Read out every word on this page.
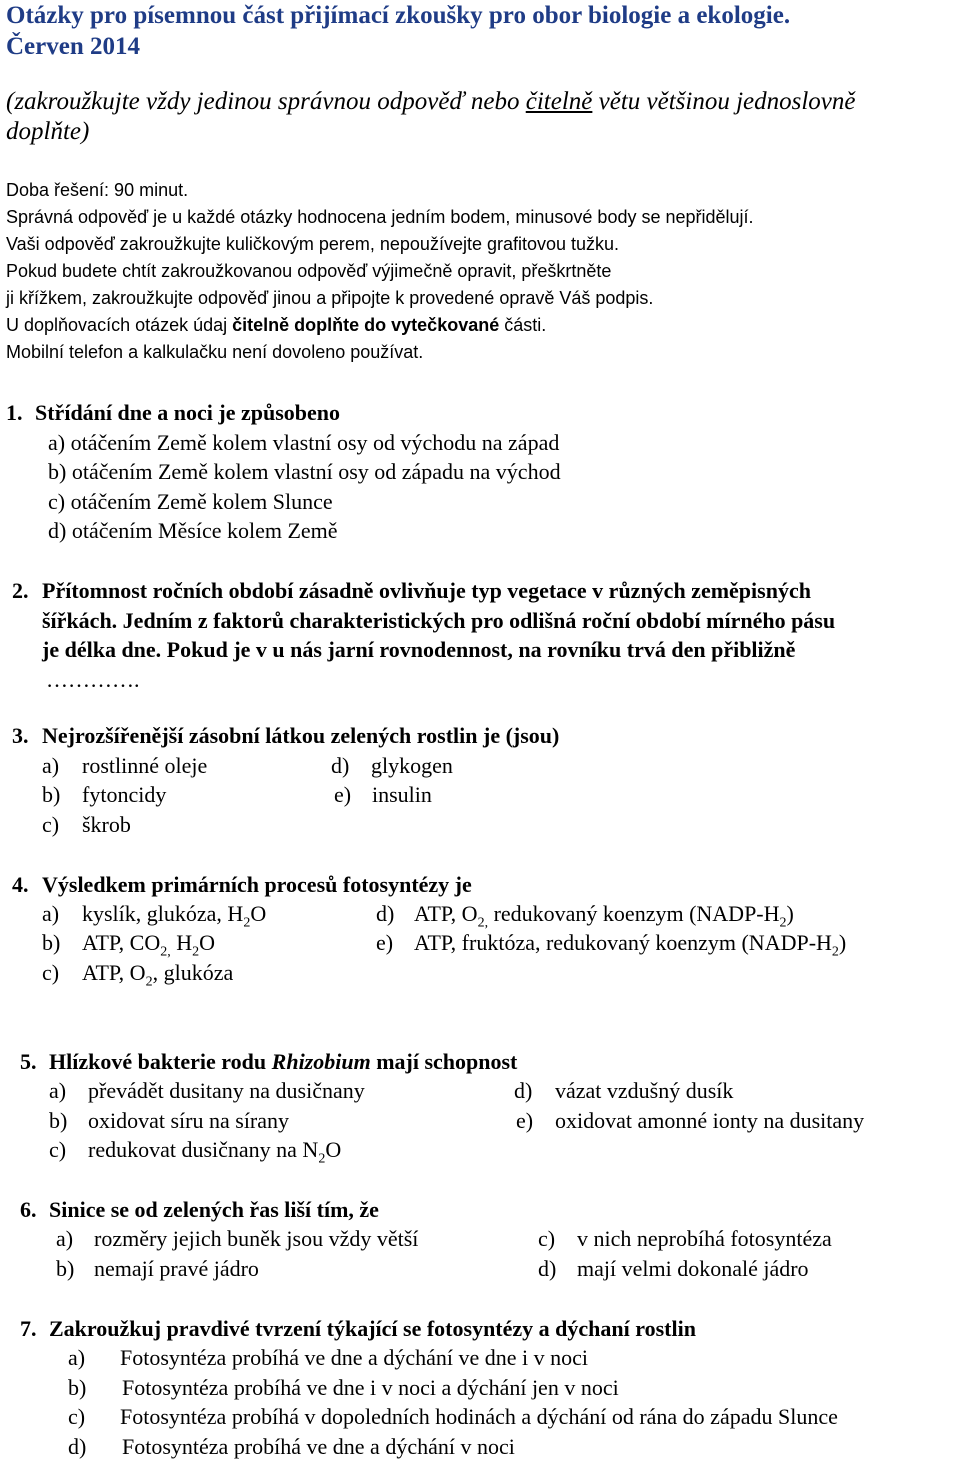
Otázky pro písemnou část přijímací zkoušky pro obor biologie a ekologie.
Červen 2014
(zakroužkujte vždy jedinou správnou odpověď nebo čitelně větu většinou jednoslovně
doplňte)
Doba řešení: 90 minut.
Správná odpověď je u každé otázky hodnocena jedním bodem, minusové body se nepřidělují.
Vaši odpověď zakroužkujte kuličkovým perem, nepoužívejte grafitovou tužku.
Pokud budete chtít zakroužkovanou odpověď výjimečně opravit, přeškrtněte
ji křížkem, zakroužkujte odpověď jinou a připojte k provedené opravě Váš podpis.
U doplňovacích otázek údaj čitelně doplňte do vytečkované části.
Mobilní telefon a kalkulačku není dovoleno používat.
1. Střídání dne a noci je způsobeno
a) otáčením Země kolem vlastní osy od východu na západ
b) otáčením Země kolem vlastní osy od západu na východ
c) otáčením Země kolem Slunce
d) otáčením Měsíce kolem Země
2. Přítomnost ročních období zásadně ovlivňuje typ vegetace v různých zeměpisných
šířkách. Jedním z faktorů charakteristických pro odlišná roční období mírného pásu
je délka dne. Pokud je v u nás jarní rovnodennost, na rovníku trvá den přibližně
………….
3. Nejrozšířenější zásobní látkou zelených rostlin je (jsou)
a) rostlinné oleje
b) fytoncidy
c) škrob
d) glykogen
e) insulin
4. Výsledkem primárních procesů fotosyntézy je
a) kyslík, glukóza, $H_2O$
b) ATP, $CO_{2,}$ $H_2O$
c) ATP, $O_2$, glukóza
d) ATP, $O_{2,}$ redukovaný koenzym $(NADP-H_2)$
e) ATP, fruktóza, redukovaný koenzym $(NADP-H_2)$
5. Hlízkové bakterie rodu Rhizobium mají schopnost
a) převádět dusitany na dusičnany
b) oxidovat síru na sírany
c) redukovat dusičnany na $N_2O$
d) vázat vzdušný dusík
e) oxidovat amonné ionty na dusitany
6. Sinice se od zelených řas liší tím, že
a) rozměry jejich buněk jsou vždy větší
b) nemají pravé jádro
c) v nich neprobíhá fotosyntéza
d) mají velmi dokonalé jádro
7. Zakroužkuj pravdivé tvrzení týkající se fotosyntézy a dýchaní rostlin
a) Fotosyntéza probíhá ve dne a dýchání ve dne i v noci
b) Fotosyntéza probíhá ve dne i v noci a dýchání jen v noci
c) Fotosyntéza probíhá v dopoledních hodinách a dýchání od rána do západu Slunce
d) Fotosyntéza probíhá ve dne a dýchání v noci
